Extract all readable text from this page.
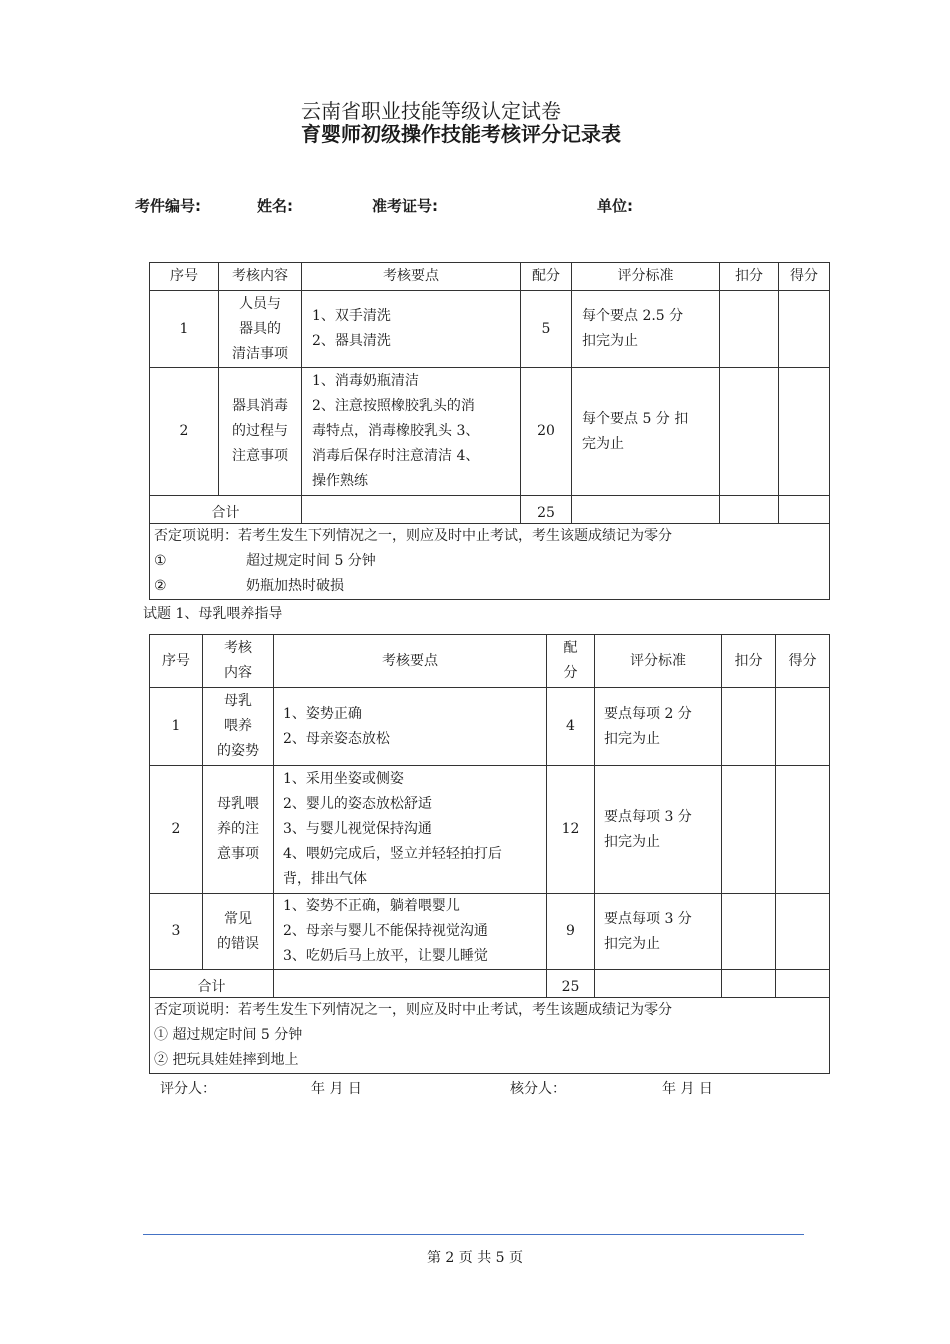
云南省职业技能等级认定试卷
育婴师初级操作技能考核评分记录表
考件编号:	姓名:	准考证号:	单位:
序号	考核内容	考核要点	配分	评分标准	扣分	得分
1	人员与
器具的
清洁事项	1、双手清洗
2、器具清洗	5	每个要点 2.5 分
扣完为止		

2	器具消毒
的过程与
注意事项	1、消毒奶瓶清洁
2、注意按照橡胶乳头的消
毒特点，消毒橡胶乳头 3、
消毒后保存时注意清洁 4、
操作熟练	20	每个要点 5 分 扣
完为止		

合计			25			

否定项说明：若考生发生下列情况之一，则应及时中止考试，考生该题成绩记为零分
① 超过规定时间 5 分钟
② 奶瓶加热时破损						
试题 1、母乳喂养指导
序号	考核
内容	考核要点	配
分	评分标准	扣分	得分
1	母乳
喂养
的姿势	1、姿势正确
2、母亲姿态放松	4	要点每项 2 分
扣完为止		

2	母乳喂
养的注
意事项	1、采用坐姿或侧姿
2、婴儿的姿态放松舒适
3、与婴儿视觉保持沟通
4、喂奶完成后，竖立并轻轻拍打后
背，排出气体	12	要点每项 3 分
扣完为止		

3	常见
的错误	1、姿势不正确，躺着喂婴儿
2、母亲与婴儿不能保持视觉沟通
3、吃奶后马上放平，让婴儿睡觉	9	要点每项 3 分
扣完为止		

合计			25			

否定项说明：若考生发生下列情况之一，则应及时中止考试，考生该题成绩记为零分
① 超过规定时间 5 分钟
② 把玩具娃娃摔到地上						
评分人：	年 月 日	核分人：	年 月 日
第 2 页 共 5 页
